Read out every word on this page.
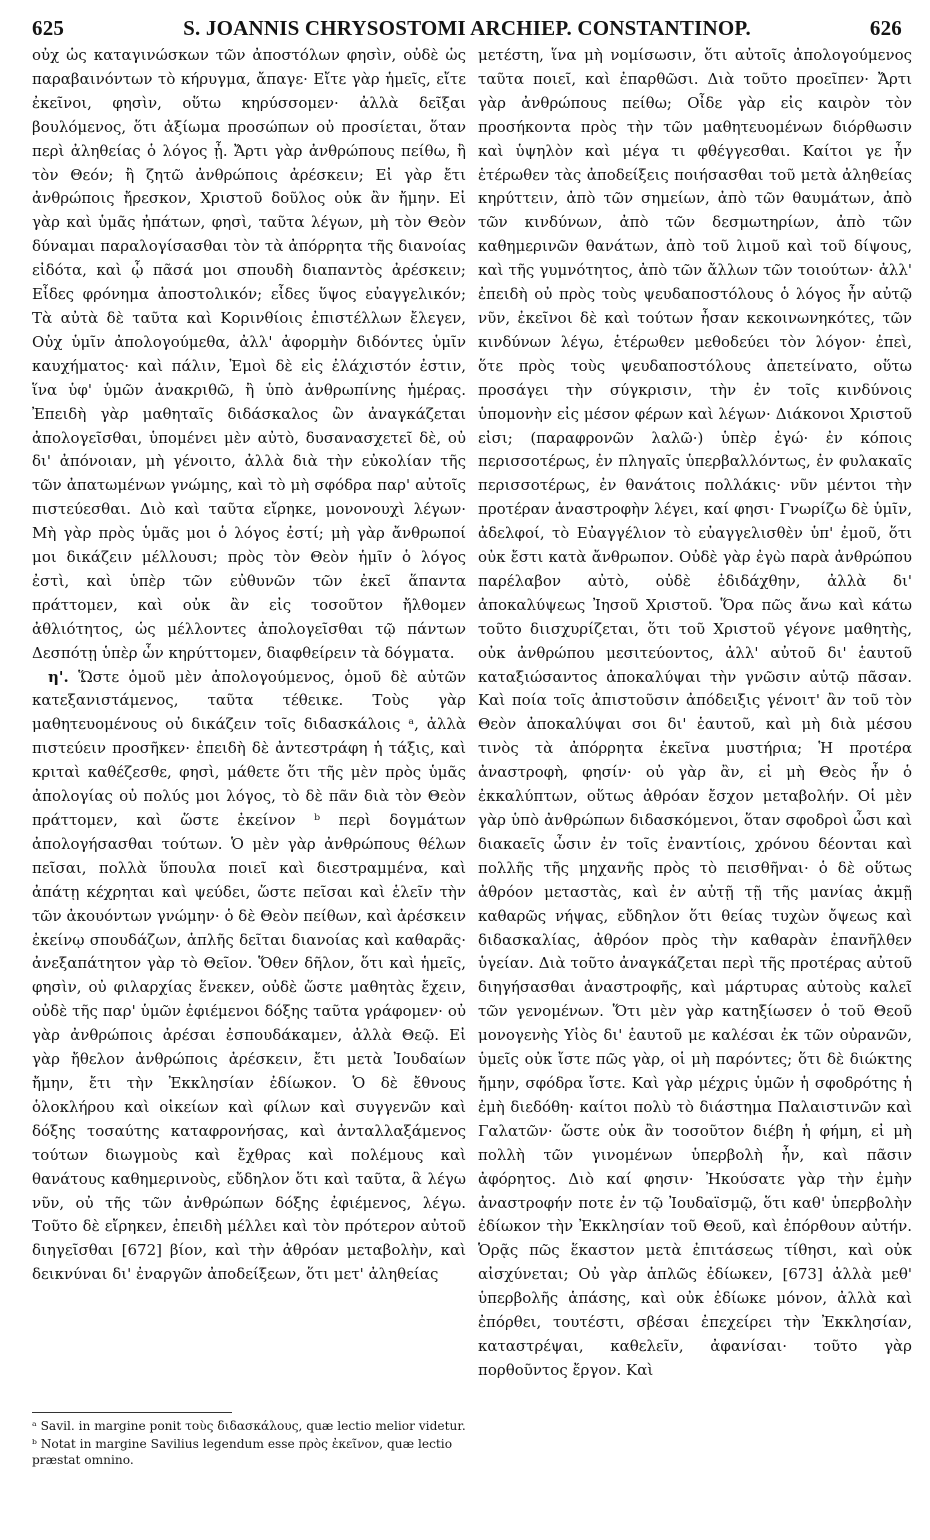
625	S. JOANNIS CHRYSOSTOMI ARCHIEP. CONSTANTINOP.	626

οὐχ ὡς καταγινώσκων τῶν ἀποστόλων φησὶν, οὐδὲ ὡς παραβαινόντων τὸ κήρυγμα, ἄπαγε· Εἴτε γὰρ ἡμεῖς, εἴτε ἐκεῖνοι, φησὶν, οὕτω κηρύσσομεν· ἀλλὰ δεῖξαι βουλόμενος, ὅτι ἀξίωμα προσώπων οὐ προσίεται, ὅταν περὶ ἀληθείας ὁ λόγος ᾖ. Ἄρτι γὰρ ἀνθρώπους πείθω, ἢ τὸν Θεόν; ἢ ζητῶ ἀνθρώποις ἀρέσκειν; Εἰ γὰρ ἔτι ἀνθρώποις ἤρεσκον, Χριστοῦ δοῦλος οὐκ ἂν ἤμην. Εἰ γὰρ καὶ ὑμᾶς ἠπάτων, φησὶ, ταῦτα λέγων, μὴ τὸν Θεὸν δύναμαι παραλογίσασθαι τὸν τὰ ἀπόρρητα τῆς διανοίας εἰδότα, καὶ ᾧ πᾶσά μοι σπουδὴ διαπαντὸς ἀρέσκειν; Εἶδες φρόνημα ἀποστολικόν; εἶδες ὕψος εὐαγγελικόν; Τὰ αὐτὰ δὲ ταῦτα καὶ Κορινθίοις ἐπιστέλλων ἔλεγεν, Οὐχ ὑμῖν ἀπολογούμεθα, ἀλλ' ἀφορμὴν διδόντες ὑμῖν καυχήματος· καὶ πάλιν, Ἐμοὶ δὲ εἰς ἐλάχιστόν ἐστιν, ἵνα ὑφ' ὑμῶν ἀνακριθῶ, ἢ ὑπὸ ἀνθρωπίνης ἡμέρας. Ἐπειδὴ γὰρ μαθηταῖς διδάσκαλος ὢν ἀναγκάζεται ἀπολογεῖσθαι, ὑπομένει μὲν αὐτὸ, δυσανασχετεῖ δὲ, οὐ δι' ἀπόνοιαν, μὴ γένοιτο, ἀλλὰ διὰ τὴν εὐκολίαν τῆς τῶν ἀπατωμένων γνώμης, καὶ τὸ μὴ σφόδρα παρ' αὐτοῖς πιστεύεσθαι. Διὸ καὶ ταῦτα εἴρηκε, μονονουχὶ λέγων· Μὴ γὰρ πρὸς ὑμᾶς μοι ὁ λόγος ἐστί; μὴ γὰρ ἄνθρωποί μοι δικάζειν μέλλουσι; πρὸς τὸν Θεὸν ἡμῖν ὁ λόγος ἐστὶ, καὶ ὑπὲρ τῶν εὐθυνῶν τῶν ἐκεῖ ἅπαντα πράττομεν, καὶ οὐκ ἂν εἰς τοσοῦτον ἤλθομεν ἀθλιότητος, ὡς μέλλοντες ἀπολογεῖσθαι τῷ πάντων Δεσπότῃ ὑπὲρ ὧν κηρύττομεν, διαφθείρειν τὰ δόγματα.

η'. Ὥστε ὁμοῦ μὲν ἀπολογούμενος, ὁμοῦ δὲ αὐτῶν κατεξανιστάμενος, ταῦτα τέθεικε. Τοὺς γὰρ μαθητευομένους οὐ δικάζειν τοῖς διδασκάλοις ᵃ, ἀλλὰ πιστεύειν προσῆκεν· ἐπειδὴ δὲ ἀντεστράφη ἡ τάξις, καὶ κριταὶ καθέζεσθε, φησὶ, μάθετε ὅτι τῆς μὲν πρὸς ὑμᾶς ἀπολογίας οὐ πολύς μοι λόγος, τὸ δὲ πᾶν διὰ τὸν Θεὸν πράττομεν, καὶ ὥστε ἐκείνον ᵇ περὶ δογμάτων ἀπολογήσασθαι τούτων. Ὁ μὲν γὰρ ἀνθρώπους θέλων πεῖσαι, πολλὰ ὕπουλα ποιεῖ καὶ διεστραμμένα, καὶ ἀπάτῃ κέχρηται καὶ ψεύδει, ὥστε πεῖσαι καὶ ἑλεῖν τὴν τῶν ἀκουόντων γνώμην· ὁ δὲ Θεὸν πείθων, καὶ ἀρέσκειν ἐκείνῳ σπουδάζων, ἁπλῆς δεῖται διανοίας καὶ καθαρᾶς· ἀνεξαπάτητον γὰρ τὸ Θεῖον. Ὅθεν δῆλον, ὅτι καὶ ἡμεῖς, φησὶν, οὐ φιλαρχίας ἕνεκεν, οὐδὲ ὥστε μαθητὰς ἔχειν, οὐδὲ τῆς παρ' ὑμῶν ἐφιέμενοι δόξης ταῦτα γράφομεν· οὐ γὰρ ἀνθρώποις ἀρέσαι ἐσπουδάκαμεν, ἀλλὰ Θεῷ. Εἰ γὰρ ἤθελον ἀνθρώποις ἀρέσκειν, ἔτι μετὰ Ἰουδαίων ἤμην, ἔτι τὴν Ἐκκλησίαν ἐδίωκον. Ὁ δὲ ἔθνους ὁλοκλήρου καὶ οἰκείων καὶ φίλων καὶ συγγενῶν καὶ δόξης τοσαύτης καταφρονήσας, καὶ ἀνταλλαξάμενος τούτων διωγμοὺς καὶ ἔχθρας καὶ πολέμους καὶ θανάτους καθημερινοὺς, εὔδηλον ὅτι καὶ ταῦτα, ἃ λέγω νῦν, οὐ τῆς τῶν ἀνθρώπων δόξης ἐφιέμενος, λέγω. Τοῦτο δὲ εἴρηκεν, ἐπειδὴ μέλλει καὶ τὸν πρότερον αὐτοῦ διηγεῖσθαι [672] βίον, καὶ τὴν ἀθρόαν μεταβολὴν, καὶ δεικνύναι δι' ἐναργῶν ἀποδείξεων, ὅτι μετ' ἀληθείας

μετέστη, ἵνα μὴ νομίσωσιν, ὅτι αὐτοῖς ἀπολογούμενος ταῦτα ποιεῖ, καὶ ἐπαρθῶσι. Διὰ τοῦτο προεῖπεν· Ἄρτι γὰρ ἀνθρώπους πείθω; Οἶδε γὰρ εἰς καιρὸν τὸν προσήκοντα πρὸς τὴν τῶν μαθητευομένων διόρθωσιν καὶ ὑψηλὸν καὶ μέγα τι φθέγγεσθαι. Καίτοι γε ἦν ἑτέρωθεν τὰς ἀποδείξεις ποιήσασθαι τοῦ μετὰ ἀληθείας κηρύττειν, ἀπὸ τῶν σημείων, ἀπὸ τῶν θαυμάτων, ἀπὸ τῶν κινδύνων, ἀπὸ τῶν δεσμωτηρίων, ἀπὸ τῶν καθημερινῶν θανάτων, ἀπὸ τοῦ λιμοῦ καὶ τοῦ δίψους, καὶ τῆς γυμνότητος, ἀπὸ τῶν ἄλλων τῶν τοιούτων· ἀλλ' ἐπειδὴ οὐ πρὸς τοὺς ψευδαποστόλους ὁ λόγος ἦν αὐτῷ νῦν, ἐκεῖνοι δὲ καὶ τούτων ἦσαν κεκοινωνηκότες, τῶν κινδύνων λέγω, ἑτέρωθεν μεθοδεύει τὸν λόγον· ἐπεὶ, ὅτε πρὸς τοὺς ψευδαποστόλους ἀπετείνατο, οὕτω προσάγει τὴν σύγκρισιν, τὴν ἐν τοῖς κινδύνοις ὑπομονὴν εἰς μέσον φέρων καὶ λέγων· Διάκονοι Χριστοῦ εἰσι; (παραφρονῶν λαλῶ·) ὑπὲρ ἐγώ· ἐν κόποις περισσοτέρως, ἐν πληγαῖς ὑπερβαλλόντως, ἐν φυλακαῖς περισσοτέρως, ἐν θανάτοις πολλάκις· νῦν μέντοι τὴν προτέραν ἀναστροφὴν λέγει, καί φησι· Γνωρίζω δὲ ὑμῖν, ἀδελφοί, τὸ Εὐαγγέλιον τὸ εὐαγγελισθὲν ὑπ' ἐμοῦ, ὅτι οὐκ ἔστι κατὰ ἄνθρωπον. Οὐδὲ γὰρ ἐγὼ παρὰ ἀνθρώπου παρέλαβον αὐτὸ, οὐδὲ ἐδιδάχθην, ἀλλὰ δι' ἀποκαλύψεως Ἰησοῦ Χριστοῦ. Ὅρα πῶς ἄνω καὶ κάτω τοῦτο διισχυρίζεται, ὅτι τοῦ Χριστοῦ γέγονε μαθητὴς, οὐκ ἀνθρώπου μεσιτεύοντος, ἀλλ' αὐτοῦ δι' ἑαυτοῦ καταξιώσαντος ἀποκαλύψαι τὴν γνῶσιν αὐτῷ πᾶσαν. Καὶ ποία τοῖς ἀπιστοῦσιν ἀπόδειξις γένοιτ' ἂν τοῦ τὸν Θεὸν ἀποκαλύψαι σοι δι' ἑαυτοῦ, καὶ μὴ διὰ μέσου τινὸς τὰ ἀπόρρητα ἐκεῖνα μυστήρια; Ἡ προτέρα ἀναστροφὴ, φησίν· οὐ γὰρ ἂν, εἰ μὴ Θεὸς ἦν ὁ ἐκκαλύπτων, οὕτως ἀθρόαν ἔσχον μεταβολήν. Οἱ μὲν γὰρ ὑπὸ ἀνθρώπων διδασκόμενοι, ὅταν σφοδροὶ ὦσι καὶ διακαεῖς ὦσιν ἐν τοῖς ἐναντίοις, χρόνου δέονται καὶ πολλῆς τῆς μηχανῆς πρὸς τὸ πεισθῆναι· ὁ δὲ οὕτως ἀθρόον μεταστὰς, καὶ ἐν αὐτῇ τῇ τῆς μανίας ἀκμῇ καθαρῶς νήψας, εὔδηλον ὅτι θείας τυχὼν ὄψεως καὶ διδασκαλίας, ἀθρόον πρὸς τὴν καθαρὰν ἐπανῆλθεν ὑγείαν. Διὰ τοῦτο ἀναγκάζεται περὶ τῆς προτέρας αὐτοῦ διηγήσασθαι ἀναστροφῆς, καὶ μάρτυρας αὐτοὺς καλεῖ τῶν γενομένων. Ὅτι μὲν γὰρ κατηξίωσεν ὁ τοῦ Θεοῦ μονογενὴς Υἱὸς δι' ἑαυτοῦ με καλέσαι ἐκ τῶν οὐρανῶν, ὑμεῖς οὐκ ἴστε πῶς γὰρ, οἱ μὴ παρόντες; ὅτι δὲ διώκτης ἤμην, σφόδρα ἴστε. Καὶ γὰρ μέχρις ὑμῶν ἡ σφοδρότης ἡ ἐμὴ διεδόθη· καίτοι πολὺ τὸ διάστημα Παλαιστινῶν καὶ Γαλατῶν· ὥστε οὐκ ἂν τοσοῦτον διέβη ἡ φήμη, εἰ μὴ πολλὴ τῶν γινομένων ὑπερβολὴ ἦν, καὶ πᾶσιν ἀφόρητος. Διὸ καί φησιν· Ἠκούσατε γὰρ τὴν ἐμὴν ἀναστροφήν ποτε ἐν τῷ Ἰουδαϊσμῷ, ὅτι καθ' ὑπερβολὴν ἐδίωκον τὴν Ἐκκλησίαν τοῦ Θεοῦ, καὶ ἐπόρθουν αὐτήν. Ὁρᾷς πῶς ἕκαστον μετὰ ἐπιτάσεως τίθησι, καὶ οὐκ αἰσχύνεται; Οὐ γὰρ ἁπλῶς ἐδίωκεν, [673] ἀλλὰ μεθ' ὑπερβολῆς ἁπάσης, καὶ οὐκ ἐδίωκε μόνον, ἀλλὰ καὶ ἐπόρθει, τουτέστι, σβέσαι ἐπεχείρει τὴν Ἐκκλησίαν, καταστρέψαι, καθελεῖν, ἀφανίσαι· τοῦτο γὰρ πορθοῦντος ἔργον. Καὶ

ᵃ Savil. in margine ponit τοὺς διδασκάλους, quæ lectio melior videtur.

ᵇ Notat in margine Savilius legendum esse πρὸς ἐκεῖνον, quæ lectio præstat omnino.
